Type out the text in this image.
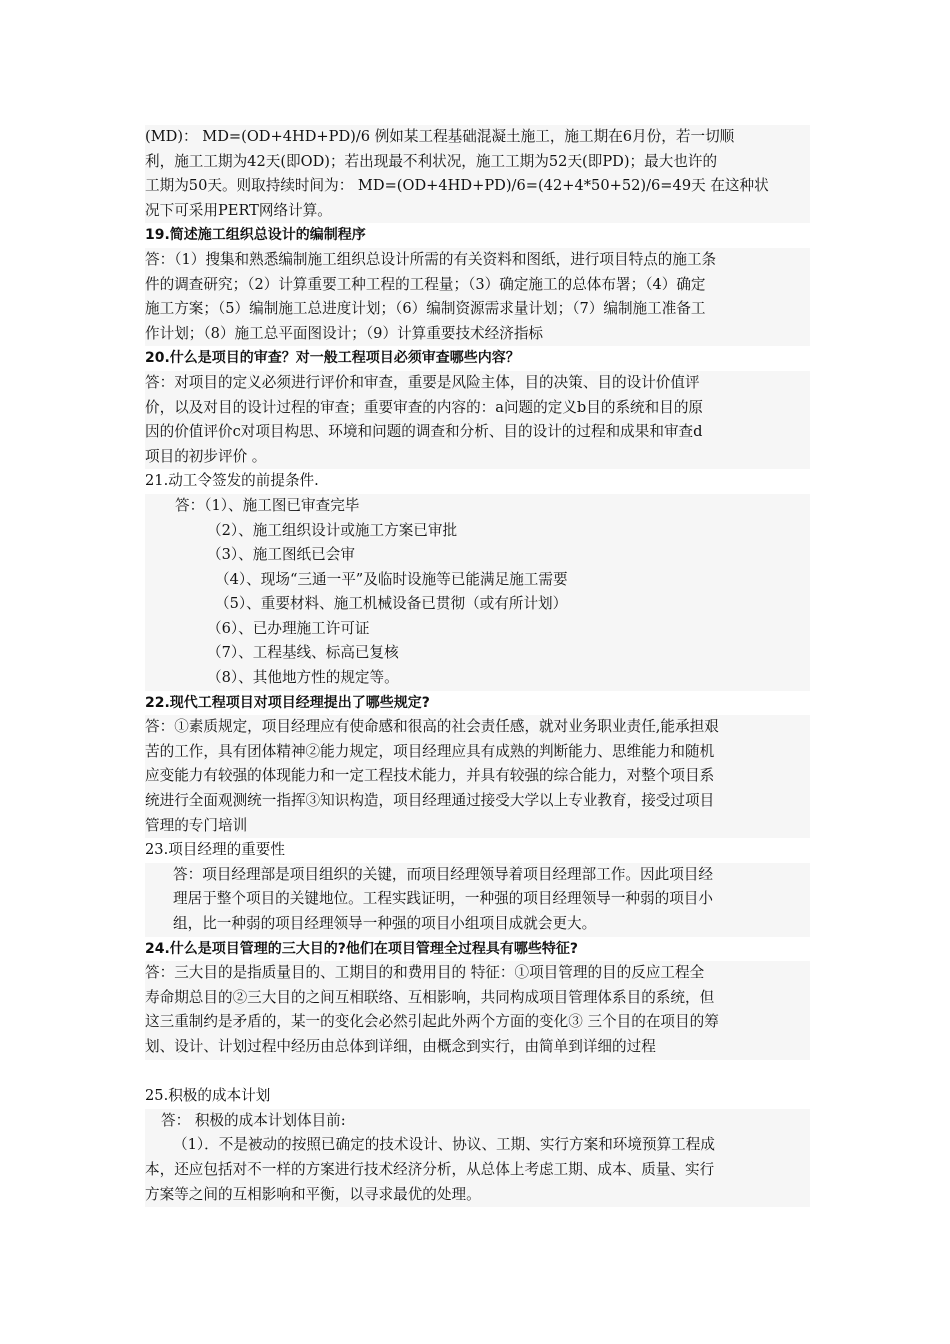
(MD)： MD=(OD+4HD+PD)/6 例如某工程基础混凝土施工，施工期在6月份，若一切顺
利，施工工期为42天(即OD)；若出现最不利状况，施工工期为52天(即PD)；最大也许的
工期为50天。则取持续时间为： MD=(OD+4HD+PD)/6=(42+4*50+52)/6=49天 在这种状
况下可采用PERT网络计算。
19.简述施工组织总设计的编制程序
答：（1）搜集和熟悉编制施工组织总设计所需的有关资料和图纸，进行项目特点的施工条
件的调查研究；（2）计算重要工种工程的工程量；（3）确定施工的总体布署；（4）确定
施工方案；（5）编制施工总进度计划；（6）编制资源需求量计划；（7）编制施工准备工
作计划；（8）施工总平面图设计；（9）计算重要技术经济指标
20.什么是项目的审查？对一般工程项目必须审查哪些内容？
答：对项目的定义必须进行评价和审查，重要是风险主体，目的决策、目的设计价值评
价，以及对目的设计过程的审查；重要审查的内容的：a问题的定义b目的系统和目的原
因的价值评价c对项目构思、环境和问题的调查和分析、目的设计的过程和成果和审查d
项目的初步评价 。
21.动工令签发的前提条件.
答：（1）、施工图已审查完毕
（2）、施工组织设计或施工方案已审批
（3）、施工图纸已会审
（4）、现场“三通一平”及临时设施等已能满足施工需要
（5）、重要材料、施工机械设备已贯彻（或有所计划）
（6）、已办理施工许可证
（7）、工程基线、标高已复核
（8）、其他地方性的规定等。
22.现代工程项目对项目经理提出了哪些规定?
答：①素质规定，项目经理应有使命感和很高的社会责任感，就对业务职业责任,能承担艰
苦的工作，具有团体精神②能力规定，项目经理应具有成熟的判断能力、思维能力和随机
应变能力有较强的体现能力和一定工程技术能力，并具有较强的综合能力，对整个项目系
统进行全面观测统一指挥③知识构造，项目经理通过接受大学以上专业教育，接受过项目
管理的专门培训
23.项目经理的重要性
答：项目经理部是项目组织的关键，而项目经理领导着项目经理部工作。因此项目经
理居于整个项目的关键地位。工程实践证明，一种强的项目经理领导一种弱的项目小
组，比一种弱的项目经理领导一种强的项目小组项目成就会更大。
24.什么是项目管理的三大目的?他们在项目管理全过程具有哪些特征?
答：三大目的是指质量目的、工期目的和费用目的 特征：①项目管理的目的反应工程全
寿命期总目的②三大目的之间互相联络、互相影响，共同构成项目管理体系目的系统，但
这三重制约是矛盾的，某一的变化会必然引起此外两个方面的变化③ 三个目的在项目的筹
划、设计、计划过程中经历由总体到详细，由概念到实行，由简单到详细的过程
25.积极的成本计划
答： 积极的成本计划体目前:
（1）．不是被动的按照已确定的技术设计、协议、工期、实行方案和环境预算工程成
本，还应包括对不一样的方案进行技术经济分析，从总体上考虑工期、成本、质量、实行
方案等之间的互相影响和平衡，以寻求最优的处理。
